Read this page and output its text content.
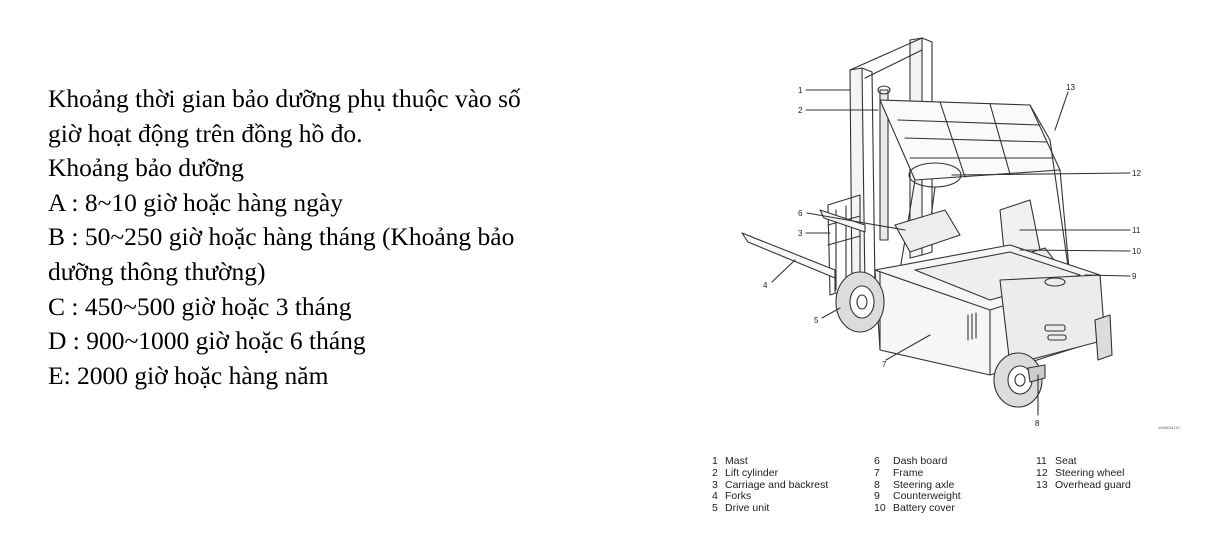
Khoảng thời gian bảo dưỡng phụ thuộc vào số
giờ hoạt động trên đồng hồ đo.
Khoảng bảo dưỡng
A : 8~10 giờ hoặc hàng ngày
B : 50~250 giờ hoặc hàng tháng (Khoảng bảo
dưỡng thông thường)
C : 450~500 giờ hoặc 3 tháng
D : 900~1000 giờ hoặc 6 tháng
E: 2000 giờ hoặc hàng năm
1
2
3
4
5
6
7
8
9
10
11
12
13
1608OM110
1 Mast
2 Lift cylinder
3 Carriage and backrest
4 Forks
5 Drive unit
6 Dash board
7 Frame
8 Steering axle
9 Counterweight
10 Battery cover
11 Seat
12 Steering wheel
13 Overhead guard
